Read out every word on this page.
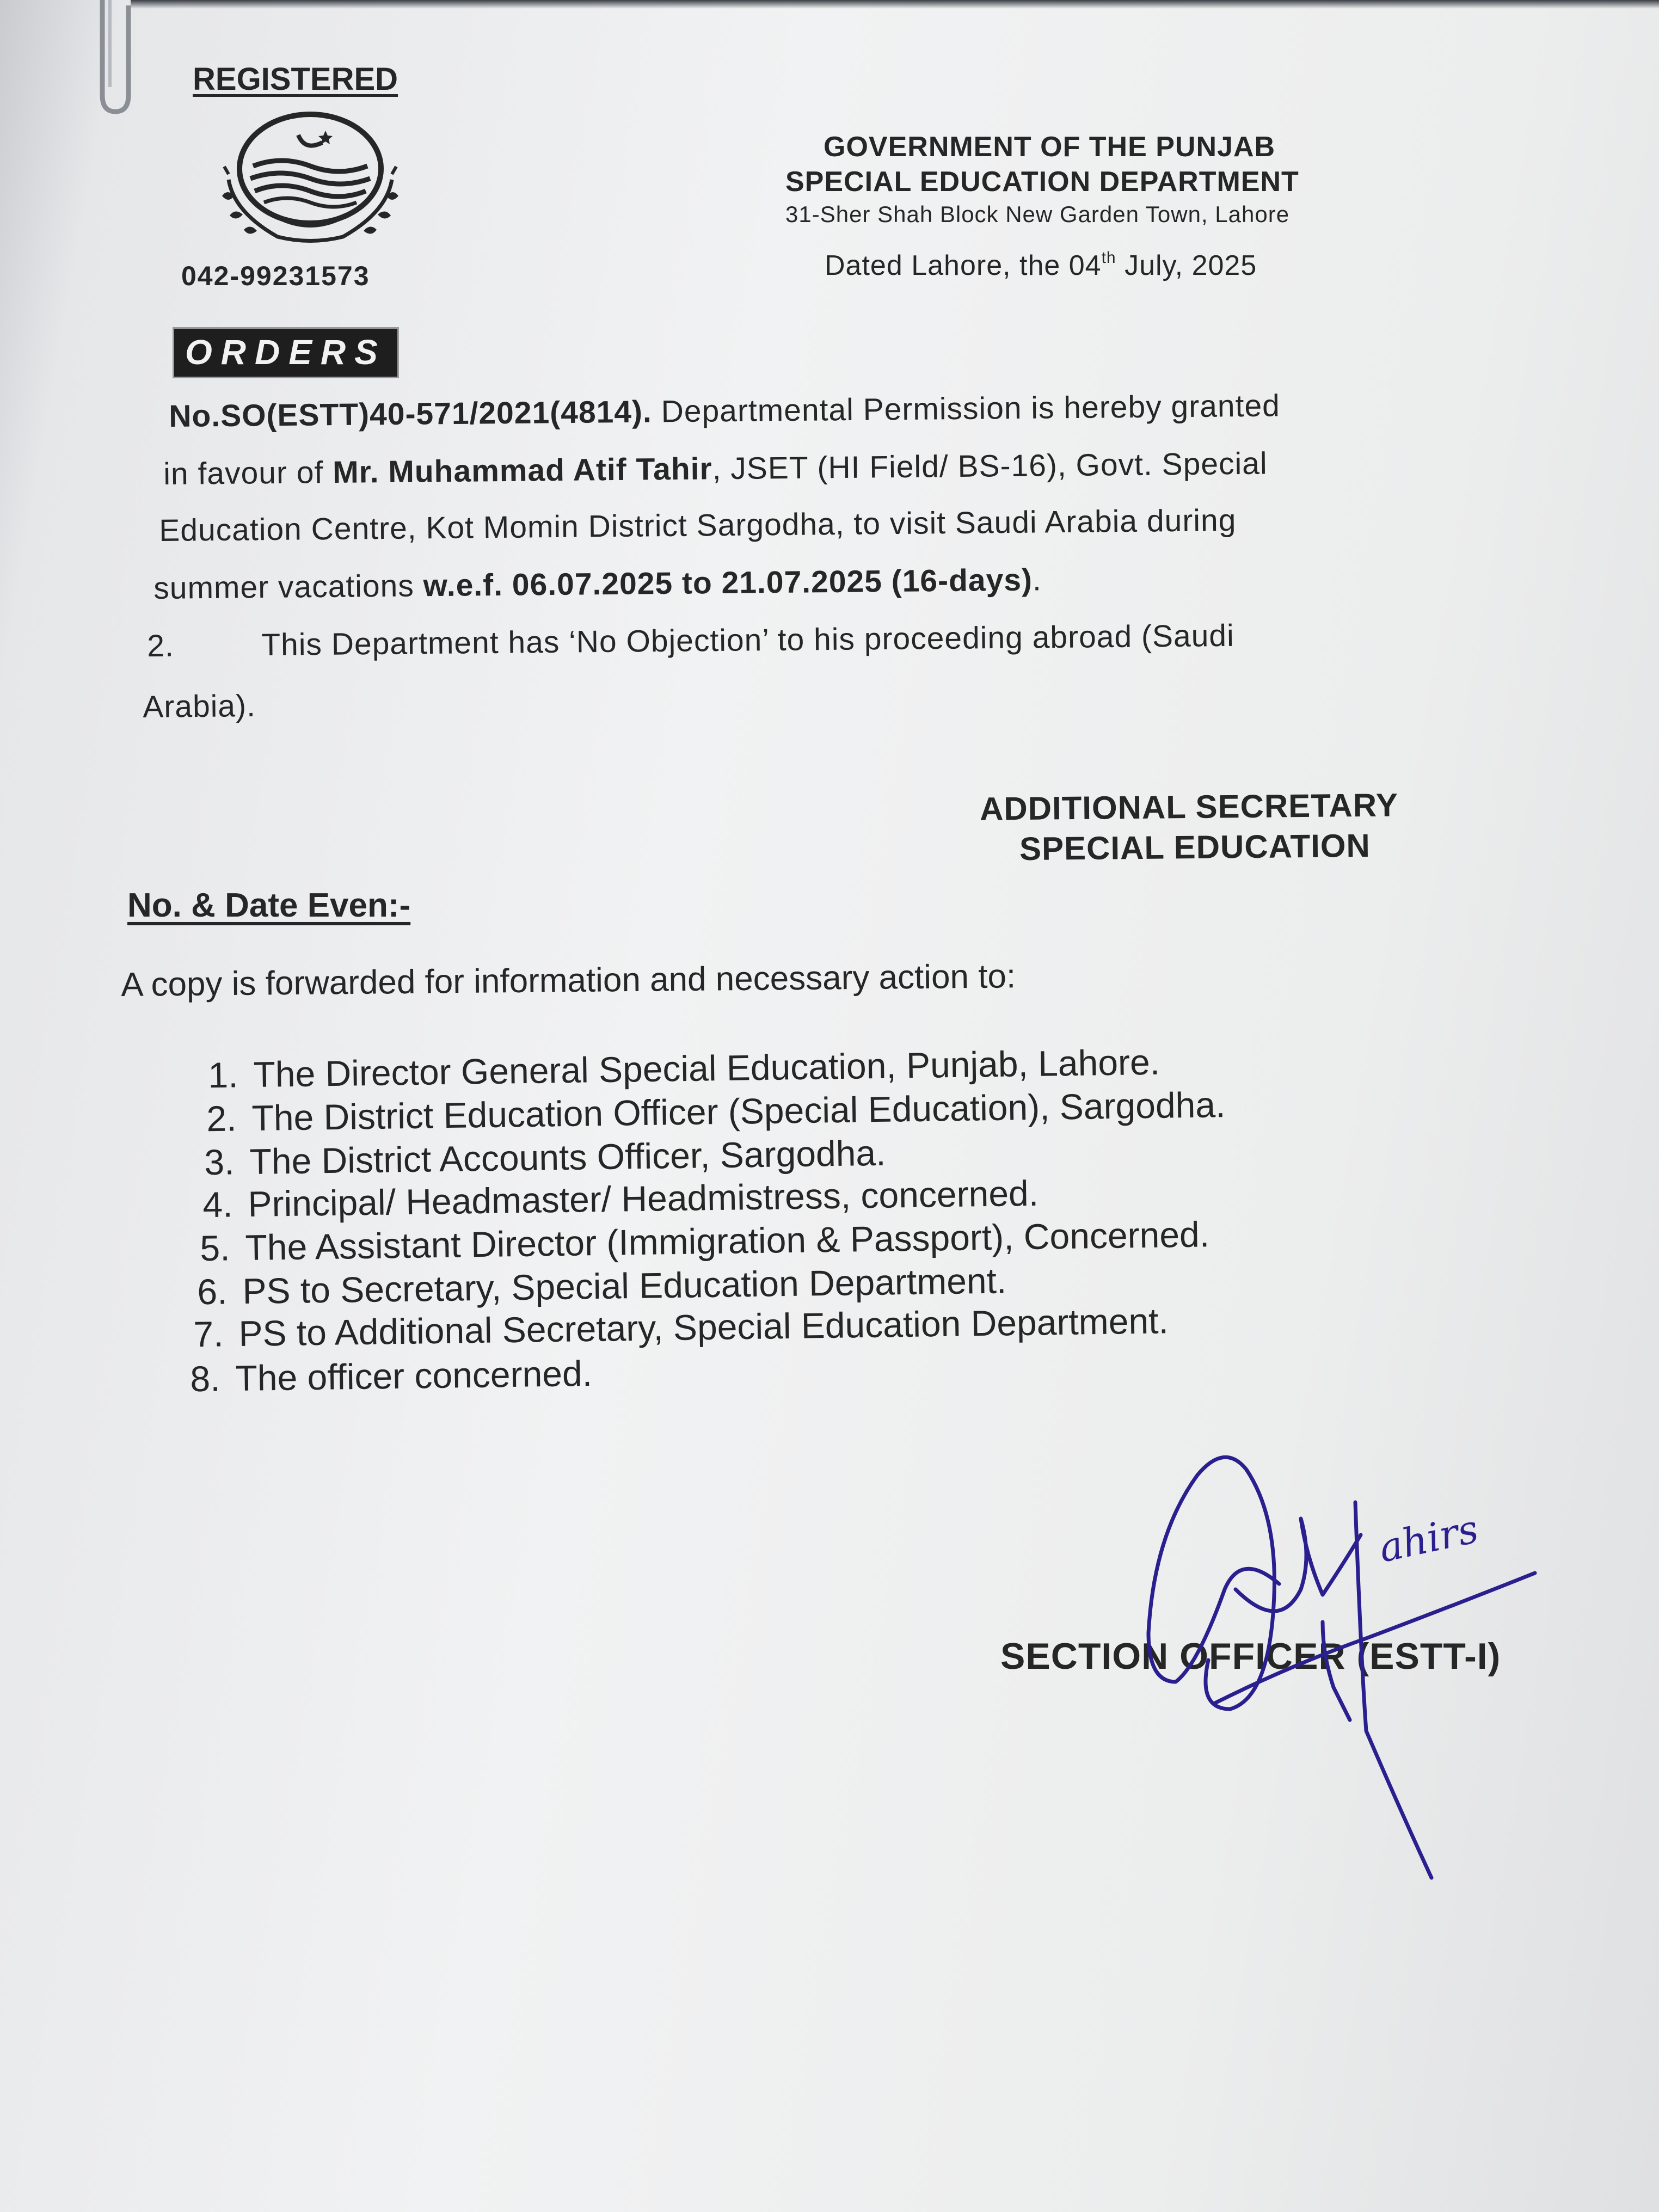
REGISTERED
042-99231573
ORDERS
GOVERNMENT OF THE PUNJAB
SPECIAL EDUCATION DEPARTMENT
31-Sher Shah Block New Garden Town, Lahore
Dated Lahore, the 04th July, 2025
No.SO(ESTT)40-571/2021(4814). Departmental Permission is hereby granted
in favour of Mr. Muhammad Atif Tahir, JSET (HI Field/ BS-16), Govt. Special
Education Centre, Kot Momin District Sargodha, to visit Saudi Arabia during
summer vacations w.e.f. 06.07.2025 to 21.07.2025 (16-days).
2.	This Department has ‘No Objection’ to his proceeding abroad (Saudi
Arabia).
ADDITIONAL SECRETARY
SPECIAL EDUCATION
No. & Date Even:-
A copy is forwarded for information and necessary action to:
1. The Director General Special Education, Punjab, Lahore.
2. The District Education Officer (Special Education), Sargodha.
3. The District Accounts Officer, Sargodha.
4. Principal/ Headmaster/ Headmistress, concerned.
5. The Assistant Director (Immigration & Passport), Concerned.
6. PS to Secretary, Special Education Department.
7. PS to Additional Secretary, Special Education Department.
8. The officer concerned.
SECTION OFFICER (ESTT-I)
ahirs
